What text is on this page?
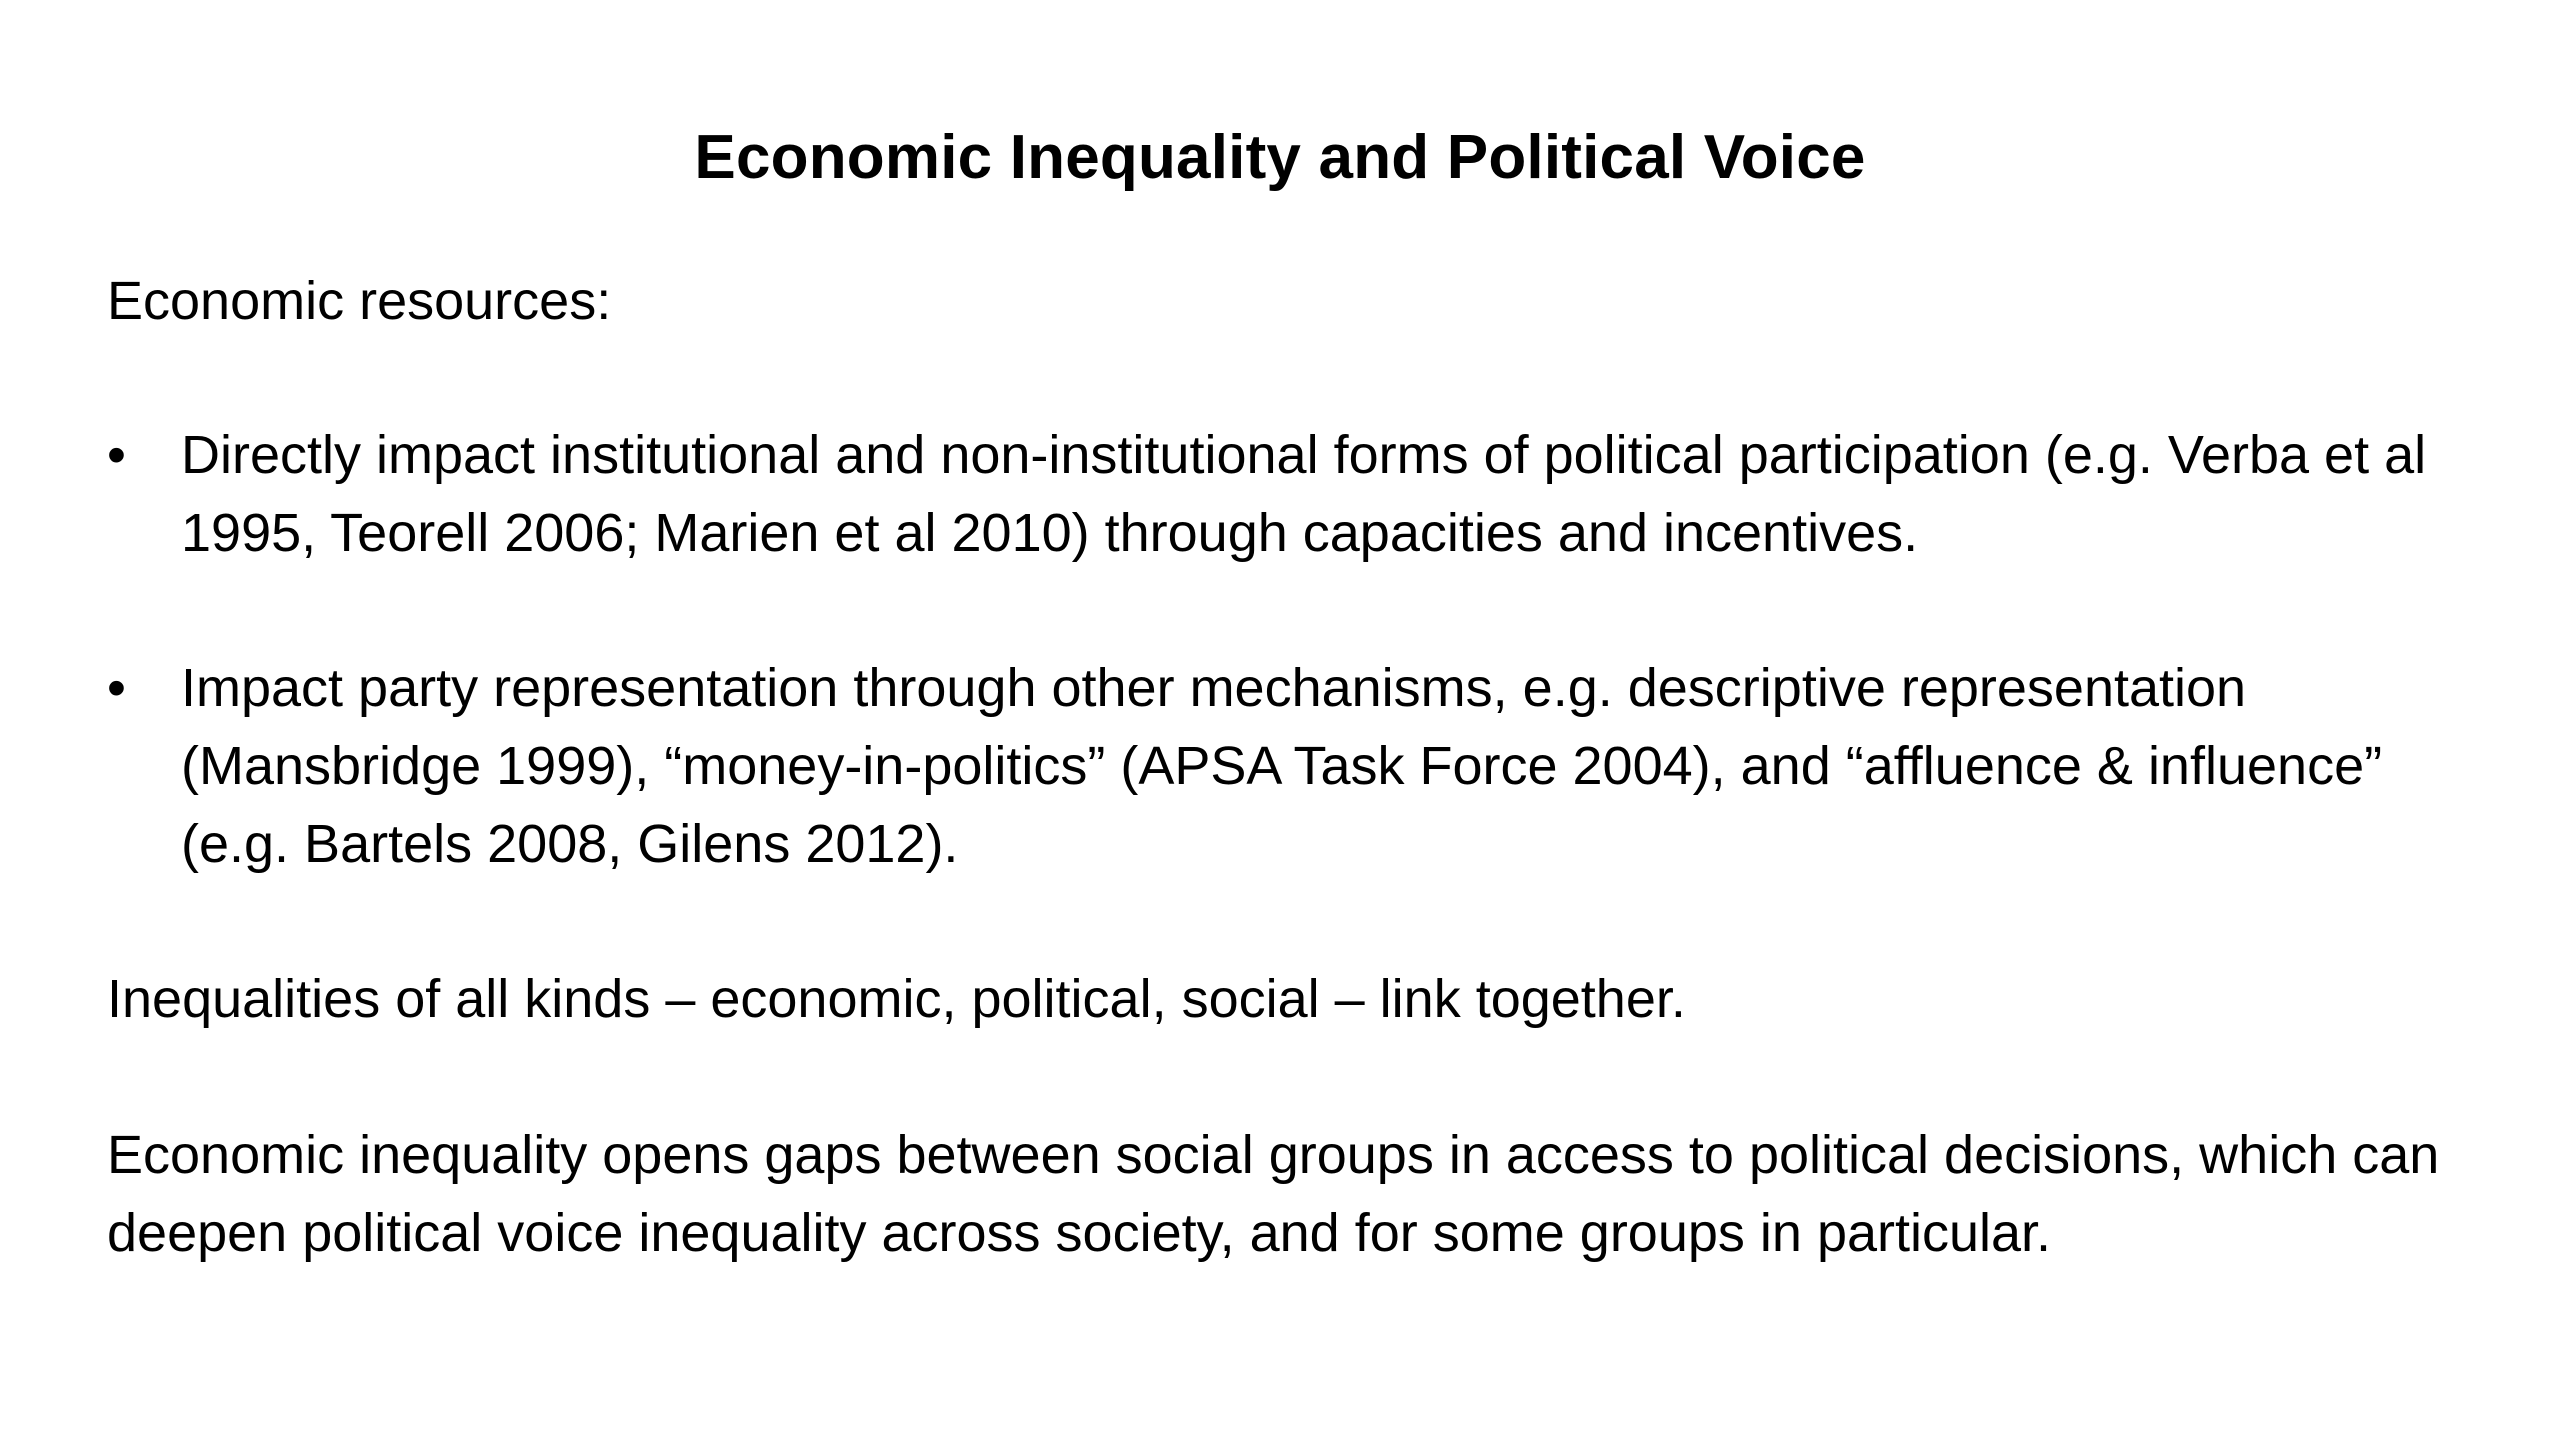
Economic Inequality and Political Voice
Economic resources:
• Directly impact institutional and non-institutional forms of political participation (e.g. Verba et al 1995, Teorell 2006; Marien et al 2010) through capacities and incentives.
• Impact party representation through other mechanisms, e.g. descriptive representation (Mansbridge 1999), “money-in-politics” (APSA Task Force 2004), and “affluence & influence” (e.g. Bartels 2008, Gilens 2012).
Inequalities of all kinds – economic, political, social – link together.
Economic inequality opens gaps between social groups in access to political decisions, which can deepen political voice inequality across society, and for some groups in particular.
